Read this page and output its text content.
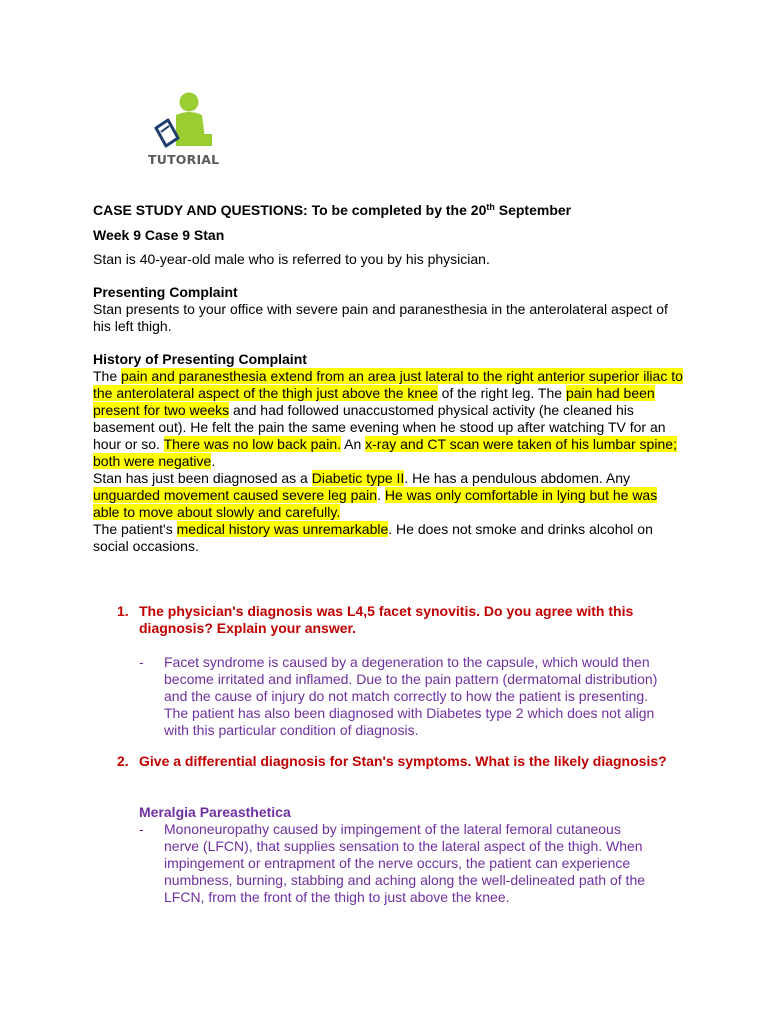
TUTORIAL
CASE STUDY AND QUESTIONS: To be completed by the 20th September
Week 9 Case 9 Stan
Stan is 40-year-old male who is referred to you by his physician.
Presenting Complaint
Stan presents to your office with severe pain and paranesthesia in the anterolateral aspect of his left thigh.
History of Presenting Complaint
The pain and paranesthesia extend from an area just lateral to the right anterior superior iliac to the anterolateral aspect of the thigh just above the knee of the right leg. The pain had been present for two weeks and had followed unaccustomed physical activity (he cleaned his basement out). He felt the pain the same evening when he stood up after watching TV for an hour or so. There was no low back pain. An x-ray and CT scan were taken of his lumbar spine; both were negative.
Stan has just been diagnosed as a Diabetic type II. He has a pendulous abdomen. Any unguarded movement caused severe leg pain. He was only comfortable in lying but he was able to move about slowly and carefully.
The patient's medical history was unremarkable. He does not smoke and drinks alcohol on social occasions.
1. The physician's diagnosis was L4,5 facet synovitis. Do you agree with this diagnosis? Explain your answer.
- Facet syndrome is caused by a degeneration to the capsule, which would then become irritated and inflamed. Due to the pain pattern (dermatomal distribution) and the cause of injury do not match correctly to how the patient is presenting. The patient has also been diagnosed with Diabetes type 2 which does not align with this particular condition of diagnosis.
2. Give a differential diagnosis for Stan's symptoms. What is the likely diagnosis?
Meralgia Pareasthetica
- Mononeuropathy caused by impingement of the lateral femoral cutaneous nerve (LFCN), that supplies sensation to the lateral aspect of the thigh. When impingement or entrapment of the nerve occurs, the patient can experience numbness, burning, stabbing and aching along the well-delineated path of the LFCN, from the front of the thigh to just above the knee.
